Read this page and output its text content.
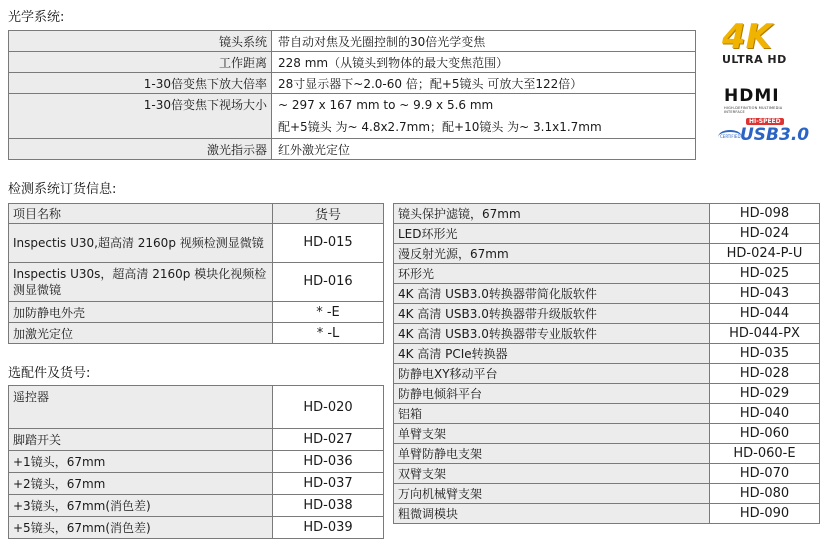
光学系统:
检测系统订货信息:
选配件及货号:
镜头系统	带自动对焦及光圈控制的30倍光学变焦
工作距离	228 mm（从镜头到物体的最大变焦范围）
1-30倍变焦下放大倍率	28寸显示器下~2.0-60 倍；配+5镜头 可放大至122倍）
1-30倍变焦下视场大小	~ 297 x 167 mm to ~ 9.9 x 5.6 mm
配+5镜头 为~ 4.8x2.7mm；配+10镜头 为~ 3.1x1.7mm

激光指示器	红外激光定位
项目名称	货号
Inspectis U30,超高清 2160p 视频检测显微镜	HD-015
Inspectis U30s，超高清 2160p 模块化视频检测显微镜	HD-016
加防静电外壳	* -E
加激光定位	* -L
遥控器	HD-020
脚踏开关	HD-027
+1镜头，67mm	HD-036
+2镜头，67mm	HD-037
+3镜头，67mm(消色差)	HD-038
+5镜头，67mm(消色差)	HD-039
镜头保护滤镜，67mm	HD-098
LED环形光	HD-024
漫反射光源，67mm	HD-024-P-U
环形光	HD-025
4K 高清 USB3.0转换器带简化版软件	HD-043
4K 高清 USB3.0转换器带升级版软件	HD-044
4K 高清 USB3.0转换器带专业版软件	HD-044-PX
4K 高清 PCIe转换器	HD-035
防静电XY移动平台	HD-028
防静电倾斜平台	HD-029
铝箱	HD-040
单臂支架	HD-060
单臂防静电支架	HD-060-E
双臂支架	HD-070
万向机械臂支架	HD-080
粗微调模块	HD-090
4K
ULTRA HD
HDMI
HIGH-DEFINITION MULTIMEDIA INTERFACE
CERTIFIED
HI-SPEED
USB3.0
